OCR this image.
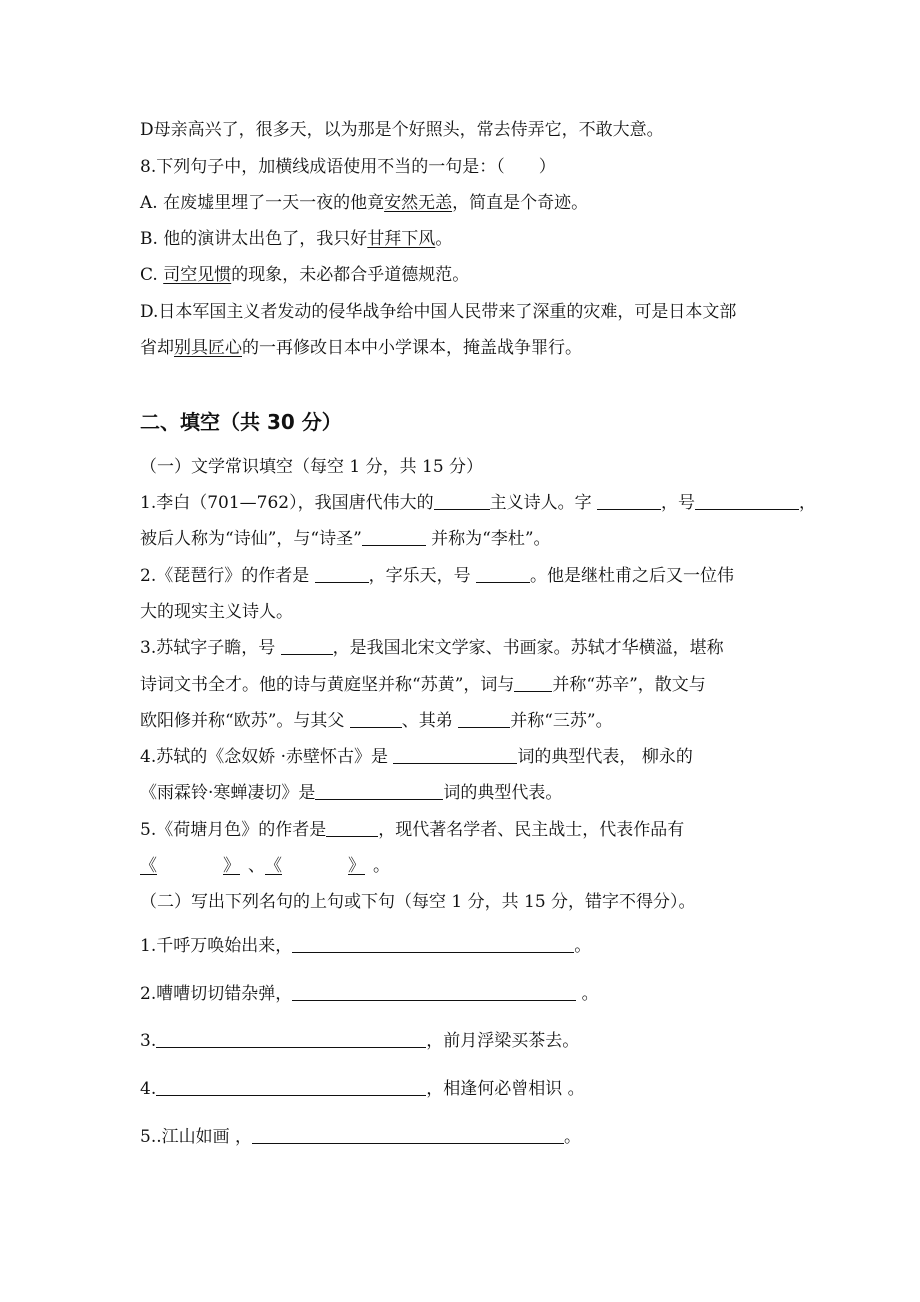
D母亲高兴了，很多天，以为那是个好照头，常去侍弄它，不敢大意。
8.下列句子中，加横线成语使用不当的一句是：（　　）
A. 在废墟里埋了一天一夜的他竟安然无恙，简直是个奇迹。
B. 他的演讲太出色了，我只好甘拜下风。
C. 司空见惯的现象，未必都合乎道德规范。
D.日本军国主义者发动的侵华战争给中国人民带来了深重的灾难，可是日本文部
省却别具匠心的一再修改日本中小学课本，掩盖战争罪行。
二、填空（共 30 分）
（一）文学常识填空（每空 1 分，共 15 分）
1.李白（701—762），我国唐代伟大的	主义诗人。字	，号	，
被后人称为“诗仙”，与“诗圣”	并称为“李杜”。
2.《琵琶行》的作者是	，字乐天，号	。他是继杜甫之后又一位伟
大的现实主义诗人。
3.苏轼字子瞻，号	，是我国北宋文学家、书画家。苏轼才华横溢，堪称
诗词文书全才。他的诗与黄庭坚并称“苏黄”，词与 并称“苏辛”，散文与
欧阳修并称“欧苏”。与其父	、其弟	并称“三苏”。
4.苏轼的《念奴娇 ·赤壁怀古》是	词的典型代表， 柳永的
《雨霖铃·寒蝉凄切》是	词的典型代表。
5.《荷塘月色》的作者是	，现代著名学者、民主战士，代表作品有
《	》 、《	》 。
（二）写出下列名句的上句或下句（每空 1 分，共 15 分，错字不得分）。
1.千呼万唤始出来，	。
2.嘈嘈切切错杂弹，	。
3.	，前月浮梁买茶去。
4.	，相逢何必曾相识 。
5..江山如画 ，	。
